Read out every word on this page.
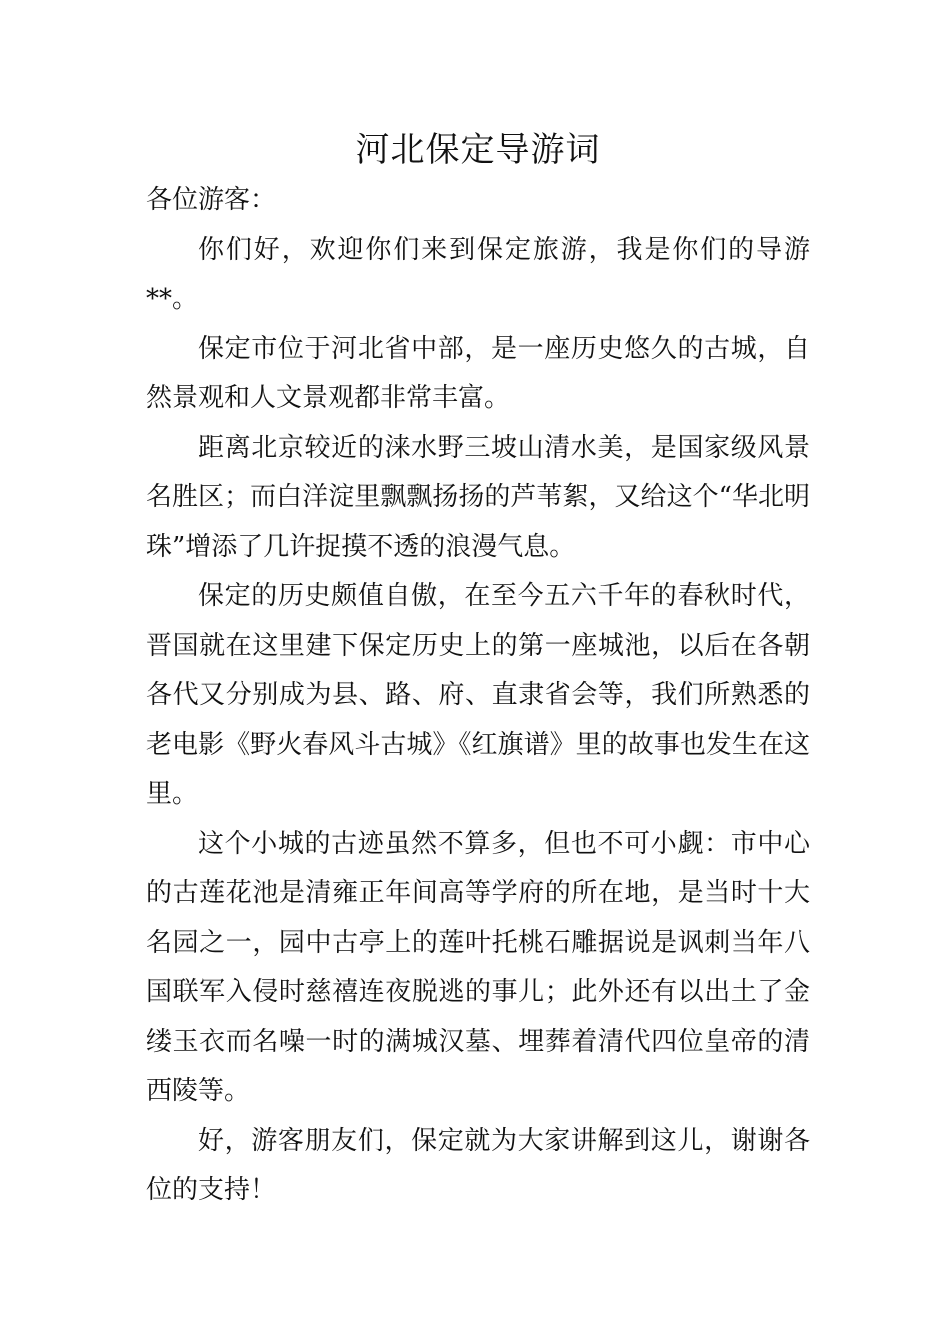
河北保定导游词

各位游客：

你们好，欢迎你们来到保定旅游，我是你们的导游**。

保定市位于河北省中部，是一座历史悠久的古城，自然景观和人文景观都非常丰富。

距离北京较近的涞水野三坡山清水美，是国家级风景名胜区；而白洋淀里飘飘扬扬的芦苇絮，又给这个“华北明珠”增添了几许捉摸不透的浪漫气息。

保定的历史颇值自傲，在至今五六千年的春秋时代，晋国就在这里建下保定历史上的第一座城池，以后在各朝各代又分别成为县、路、府、直隶省会等，我们所熟悉的老电影《野火春风斗古城》《红旗谱》里的故事也发生在这里。

这个小城的古迹虽然不算多，但也不可小觑：市中心的古莲花池是清雍正年间高等学府的所在地，是当时十大名园之一，园中古亭上的莲叶托桃石雕据说是讽刺当年八国联军入侵时慈禧连夜脱逃的事儿；此外还有以出土了金缕玉衣而名噪一时的满城汉墓、埋葬着清代四位皇帝的清西陵等。

好，游客朋友们，保定就为大家讲解到这儿，谢谢各位的支持！
